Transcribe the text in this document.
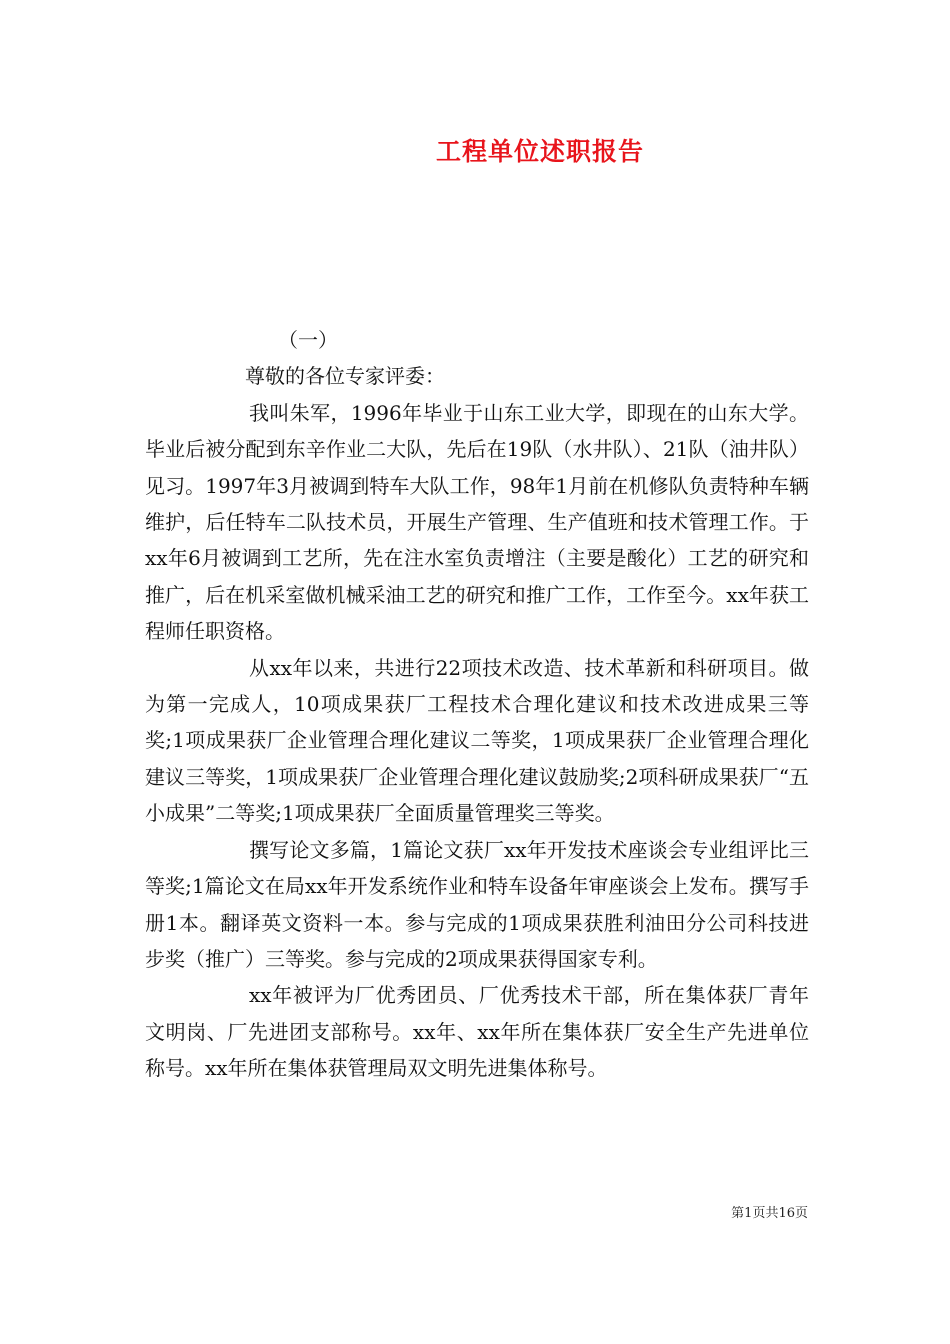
工程单位述职报告

（一）

尊敬的各位专家评委：

我叫朱军，1996年毕业于山东工业大学，即现在的山东大学。毕业后被分配到东辛作业二大队，先后在19队（水井队）、21队（油井队）见习。1997年3月被调到特车大队工作，98年1月前在机修队负责特种车辆维护，后任特车二队技术员，开展生产管理、生产值班和技术管理工作。于xx年6月被调到工艺所，先在注水室负责增注（主要是酸化）工艺的研究和推广，后在机采室做机械采油工艺的研究和推广工作，工作至今。xx年获工程师任职资格。

从xx年以来，共进行22项技术改造、技术革新和科研项目。做为第一完成人，10项成果获厂工程技术合理化建议和技术改进成果三等奖;1项成果获厂企业管理合理化建议二等奖，1项成果获厂企业管理合理化建议三等奖，1项成果获厂企业管理合理化建议鼓励奖;2项科研成果获厂“五小成果”二等奖;1项成果获厂全面质量管理奖三等奖。

撰写论文多篇，1篇论文获厂xx年开发技术座谈会专业组评比三等奖;1篇论文在局xx年开发系统作业和特车设备年审座谈会上发布。撰写手册1本。翻译英文资料一本。参与完成的1项成果获胜利油田分公司科技进步奖（推广）三等奖。参与完成的2项成果获得国家专利。

xx年被评为厂优秀团员、厂优秀技术干部，所在集体获厂青年文明岗、厂先进团支部称号。xx年、xx年所在集体获厂安全生产先进单位称号。xx年所在集体获管理局双文明先进集体称号。

第1页共16页
